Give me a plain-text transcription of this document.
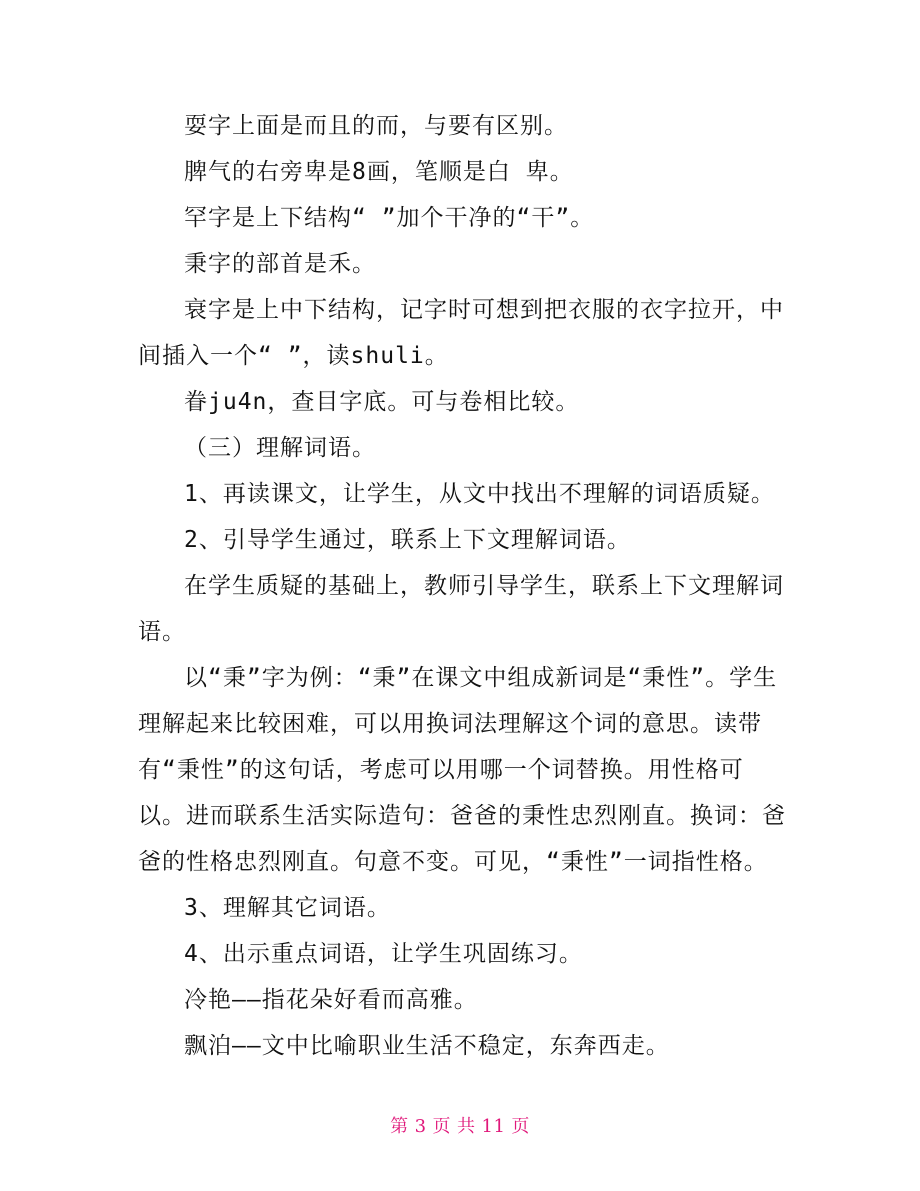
耍字上面是而且的而，与要有区别。

脾气的右旁卑是8画，笔顺是白 卑。

罕字是上下结构“ ”加个干净的“干”。

秉字的部首是禾。

衰字是上中下结构，记字时可想到把衣服的衣字拉开，中间插入一个“ ”，读shuli。

眷ju4n，查目字底。可与卷相比较。

（三）理解词语。

1、再读课文，让学生，从文中找出不理解的词语质疑。

2、引导学生通过，联系上下文理解词语。

在学生质疑的基础上，教师引导学生，联系上下文理解词语。

以“秉”字为例：“秉”在课文中组成新词是“秉性”。学生理解起来比较困难，可以用换词法理解这个词的意思。读带有“秉性”的这句话，考虑可以用哪一个词替换。用性格可以。进而联系生活实际造句：爸爸的秉性忠烈刚直。换词：爸爸的性格忠烈刚直。句意不变。可见，“秉性”一词指性格。

3、理解其它词语。

4、出示重点词语，让学生巩固练习。

冷艳——指花朵好看而高雅。

飘泊——文中比喻职业生活不稳定，东奔西走。

第 3 页 共 11 页
